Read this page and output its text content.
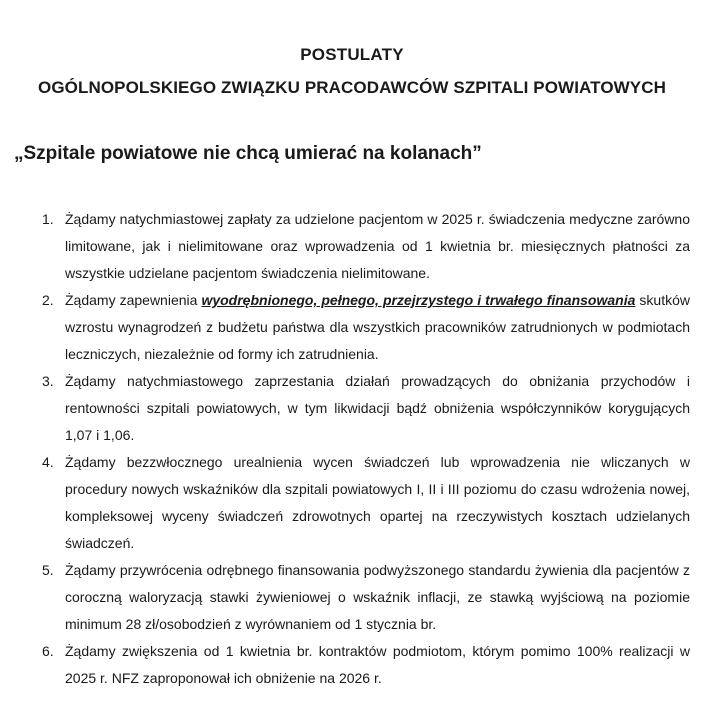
POSTULATY
OGÓLNOPOLSKIEGO ZWIĄZKU PRACODAWCÓW SZPITALI POWIATOWYCH
„Szpitale powiatowe nie chcą umierać na kolanach”
1. Żądamy natychmiastowej zapłaty za udzielone pacjentom w 2025 r. świadczenia medyczne zarówno limitowane, jak i nielimitowane oraz wprowadzenia od 1 kwietnia br. miesięcznych płatności za wszystkie udzielane pacjentom świadczenia nielimitowane.
2. Żądamy zapewnienia wyodrębnionego, pełnego, przejrzystego i trwałego finansowania skutków wzrostu wynagrodzeń z budżetu państwa dla wszystkich pracowników zatrudnionych w podmiotach leczniczych, niezależnie od formy ich zatrudnienia.
3. Żądamy natychmiastowego zaprzestania działań prowadzących do obniżania przychodów i rentowności szpitali powiatowych, w tym likwidacji bądź obniżenia współczynników korygujących 1,07 i 1,06.
4. Żądamy bezzwłocznego urealnienia wycen świadczeń lub wprowadzenia nie wliczanych w procedury nowych wskaźników dla szpitali powiatowych I, II i III poziomu do czasu wdrożenia nowej, kompleksowej wyceny świadczeń zdrowotnych opartej na rzeczywistych kosztach udzielanych świadczeń.
5. Żądamy przywrócenia odrębnego finansowania podwyższonego standardu żywienia dla pacjentów z coroczną waloryzacją stawki żywieniowej o wskaźnik inflacji, ze stawką wyjściową na poziomie minimum 28 zł/osobodzień z wyrównaniem od 1 stycznia br.
6. Żądamy zwiększenia od 1 kwietnia br. kontraktów podmiotom, którym pomimo 100% realizacji w 2025 r. NFZ zaproponował ich obniżenie na 2026 r.
